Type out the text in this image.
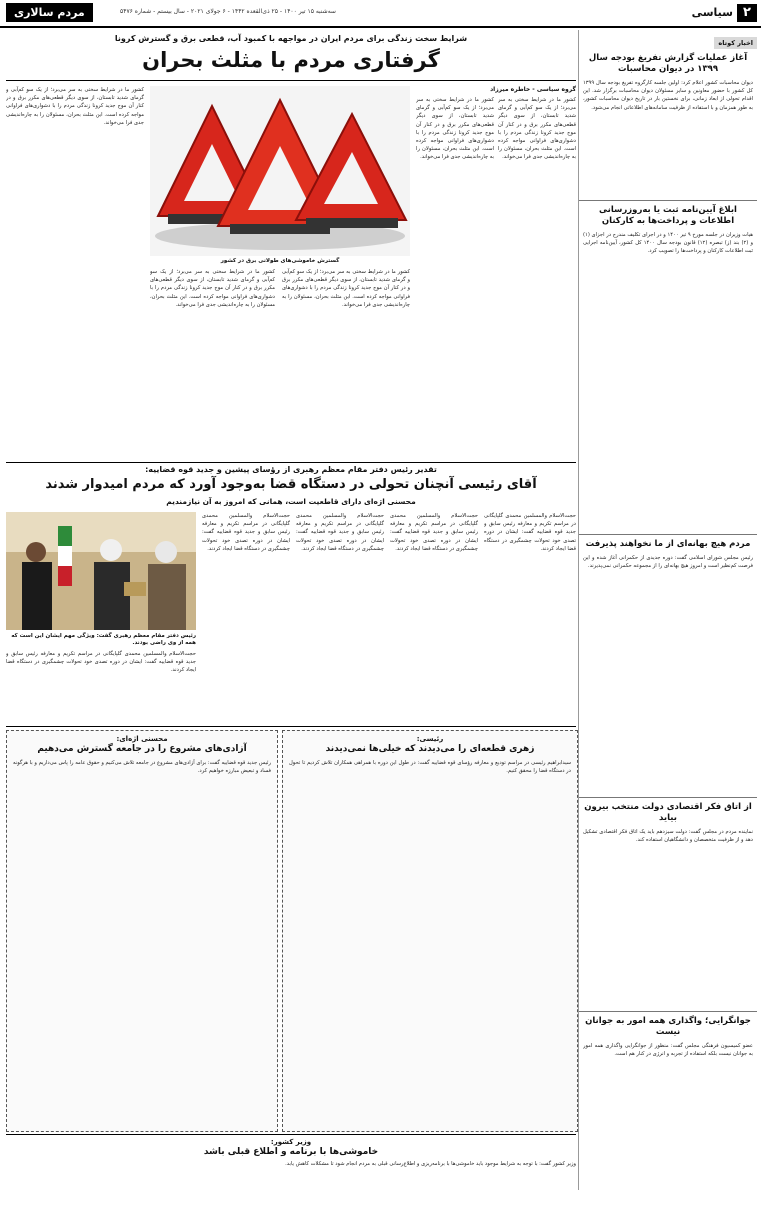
۲
سیاسی
مردم سالاری	سه‌شنبه ۱۵ تیر ۱۴۰۰ - ۲۵ ذی‌القعده ۱۴۴۲ - ۶ جولای ۲۰۲۱ - سال بیستم - شماره ۵۴۷۶
اخبار کوتاه
آغاز عملیات گزارش تفریغ بودجه سال ۱۳۹۹ در دیوان محاسبات
دیوان محاسبات کشور اعلام کرد: اولین جلسه کارگروه تفریغ بودجه سال ۱۳۹۹ کل کشور با حضور معاونین و سایر مسئولان دیوان محاسبات برگزار شد. این اقدام تحولی از ابعاد زمانی، برای نخستین بار در تاریخ دیوان محاسبات کشور، به طور همزمان و با استفاده از ظرفیت سامانه‌های اطلاعاتی انجام می‌شود.
ابلاغ آیین‌نامه ثبت یا به‌روزرسانی اطلاعات و پرداخت‌ها به کارکنان
هیات وزیران در جلسه مورخ ۹ تیر ۱۴۰۰ و در اجرای تکلیف مندرج در اجزای (۱) و (۲) بند (ز) تبصره (۱۲) قانون بودجه سال ۱۴۰۰ کل کشور، آیین‌نامه اجرایی ثبت اطلاعات کارکنان و پرداخت‌ها را تصویب کرد.
مردم هیچ بهانه‌ای از ما نخواهند پذیرفت
رئیس مجلس شورای اسلامی گفت: دوره جدیدی از حکمرانی آغاز شده و این فرصت کم‌نظیر است و امروز هیچ بهانه‌ای را از مجموعه حکمرانی نمی‌پذیرند.
از اتاق فکر اقتصادی دولت منتخب بیرون بیاید
نماینده مردم در مجلس گفت: دولت سیزدهم باید یک اتاق فکر اقتصادی تشکیل دهد و از ظرفیت متخصصان و دانشگاهیان استفاده کند.
جوانگرایی؛ واگذاری همه امور به جوانان نیست
عضو کمیسیون فرهنگی مجلس گفت: منظور از جوانگرایی واگذاری همه امور به جوانان نیست بلکه استفاده از تجربه و انرژی در کنار هم است.
شرایط سخت زندگی برای مردم ایران در مواجهه با کمبود آب، قطعی برق و گسترش کرونا
گرفتاری مردم با مثلث بحران
کشور ما در شرایط سختی به سر می‌برد؛ از یک سو کم‌آبی و گرمای شدید تابستان، از سوی دیگر قطعی‌های مکرر برق و در کنار آن موج جدید کرونا زندگی مردم را با دشواری‌های فراوانی مواجه کرده است. این مثلث بحران، مسئولان را به چاره‌اندیشی جدی فرا می‌خواند.
گسترش خاموشی‌های طولانی برق در کشور
کشور ما در شرایط سختی به سر می‌برد؛ از یک سو کم‌آبی و گرمای شدید تابستان، از سوی دیگر قطعی‌های مکرر برق و در کنار آن موج جدید کرونا زندگی مردم را با دشواری‌های فراوانی مواجه کرده است. این مثلث بحران، مسئولان را به چاره‌اندیشی جدی فرا می‌خواند.
کشور ما در شرایط سختی به سر می‌برد؛ از یک سو کم‌آبی و گرمای شدید تابستان، از سوی دیگر قطعی‌های مکرر برق و در کنار آن موج جدید کرونا زندگی مردم را با دشواری‌های فراوانی مواجه کرده است. این مثلث بحران، مسئولان را به چاره‌اندیشی جدی فرا می‌خواند.
گروه سیاسی - خاطره میرزاد
کشور ما در شرایط سختی به سر می‌برد؛ از یک سو کم‌آبی و گرمای شدید تابستان، از سوی دیگر قطعی‌های مکرر برق و در کنار آن موج جدید کرونا زندگی مردم را با دشواری‌های فراوانی مواجه کرده است. این مثلث بحران، مسئولان را به چاره‌اندیشی جدی فرا می‌خواند.
کشور ما در شرایط سختی به سر می‌برد؛ از یک سو کم‌آبی و گرمای شدید تابستان، از سوی دیگر قطعی‌های مکرر برق و در کنار آن موج جدید کرونا زندگی مردم را با دشواری‌های فراوانی مواجه کرده است. این مثلث بحران، مسئولان را به چاره‌اندیشی جدی فرا می‌خواند.
تقدیر رئیس دفتر مقام معظم رهبری از رؤسای پیشین و جدید قوه قضاییه:
آقای رئیسی آنچنان تحولی در دستگاه قضا به‌وجود آورد که مردم امیدوار شدند
محسنی اژه‌ای دارای قاطعیت است، همانی که امروز به آن نیازمندیم
رئیس دفتر مقام معظم رهبری گفت: ویژگی مهم ایشان این است که همه از وی راضی بودند.
حجت‌الاسلام والمسلمین محمدی گلپایگانی در مراسم تکریم و معارفه رئیس سابق و جدید قوه قضاییه گفت: ایشان در دوره تصدی خود تحولات چشمگیری در دستگاه قضا ایجاد کردند.
حجت‌الاسلام والمسلمین محمدی گلپایگانی در مراسم تکریم و معارفه رئیس سابق و جدید قوه قضاییه گفت: ایشان در دوره تصدی خود تحولات چشمگیری در دستگاه قضا ایجاد کردند.
حجت‌الاسلام والمسلمین محمدی گلپایگانی در مراسم تکریم و معارفه رئیس سابق و جدید قوه قضاییه گفت: ایشان در دوره تصدی خود تحولات چشمگیری در دستگاه قضا ایجاد کردند.
حجت‌الاسلام والمسلمین محمدی گلپایگانی در مراسم تکریم و معارفه رئیس سابق و جدید قوه قضاییه گفت: ایشان در دوره تصدی خود تحولات چشمگیری در دستگاه قضا ایجاد کردند.
حجت‌الاسلام والمسلمین محمدی گلپایگانی در مراسم تکریم و معارفه رئیس سابق و جدید قوه قضاییه گفت: ایشان در دوره تصدی خود تحولات چشمگیری در دستگاه قضا ایجاد کردند.
محسنی اژه‌ای:
آزادی‌های مشروع را در جامعه گسترش می‌دهیم
رئیس جدید قوه قضاییه گفت: برای آزادی‌های مشروع در جامعه تلاش می‌کنیم و حقوق عامه را پاس می‌داریم و با هرگونه فساد و تبعیض مبارزه خواهیم کرد.
رئیسی:
زهری قطعه‌ای را می‌دیدند که خیلی‌ها نمی‌دیدند
سیدابراهیم رئیسی در مراسم تودیع و معارفه رؤسای قوه قضاییه گفت: در طول این دوره با همراهی همکاران تلاش کردیم تا تحول در دستگاه قضا را محقق کنیم.
وزیر کشور:
خاموشی‌ها با برنامه و اطلاع قبلی باشد
وزیر کشور گفت: با توجه به شرایط موجود باید خاموشی‌ها با برنامه‌ریزی و اطلاع‌رسانی قبلی به مردم انجام شود تا مشکلات کاهش یابد.
